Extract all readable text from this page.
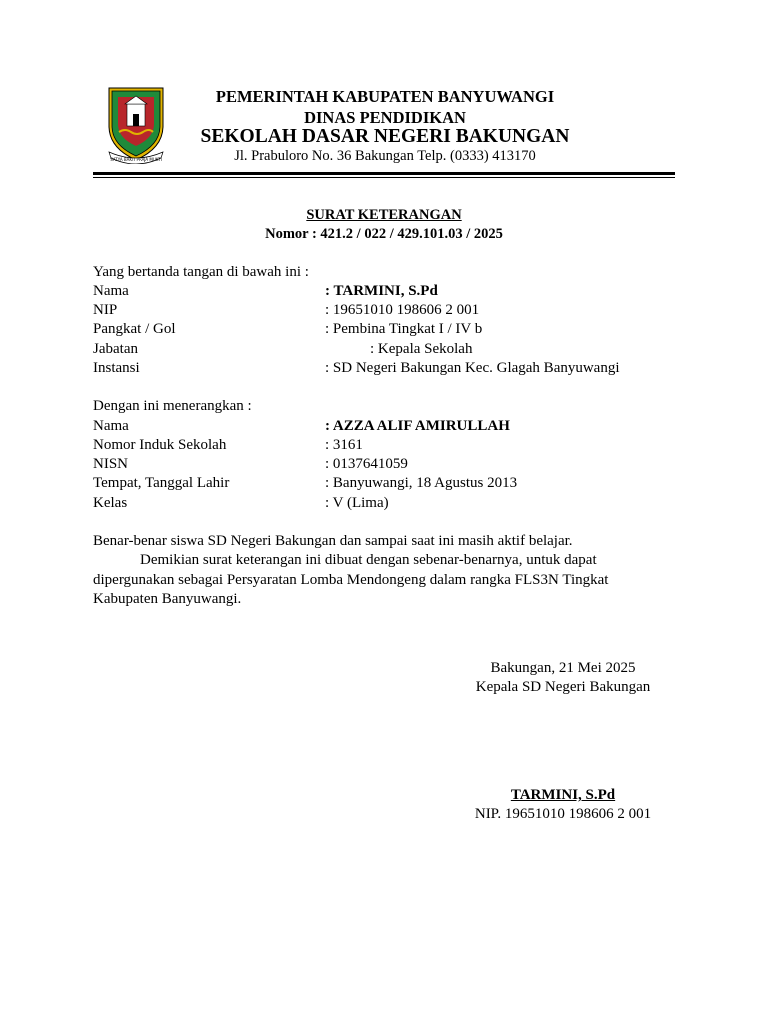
SATYA BAKTI PRAJA MUKTI
PEMERINTAH KABUPATEN BANYUWANGI
DINAS PENDIDIKAN
SEKOLAH DASAR NEGERI BAKUNGAN
Jl. Prabuloro No. 36 Bakungan Telp. (0333) 413170
SURAT KETERANGAN
Nomor : 421.2 / 022 / 429.101.03 / 2025
Yang bertanda tangan di bawah ini :
Nama	: TARMINI, S.Pd
NIP	: 19651010 198606 2 001
Pangkat / Gol	: Pembina Tingkat I / IV b
Jabatan	: Kepala Sekolah
Instansi	: SD Negeri Bakungan Kec. Glagah Banyuwangi
Dengan ini menerangkan :
Nama	: AZZA ALIF AMIRULLAH
Nomor Induk Sekolah	: 3161
NISN	: 0137641059
Tempat, Tanggal Lahir	: Banyuwangi, 18 Agustus 2013
Kelas	: V (Lima)
Benar-benar siswa SD Negeri Bakungan dan sampai saat ini masih aktif belajar.
Demikian surat keterangan ini dibuat dengan sebenar-benarnya, untuk dapat
dipergunakan sebagai Persyaratan Lomba Mendongeng dalam rangka FLS3N Tingkat
Kabupaten Banyuwangi.
Bakungan, 21 Mei 2025
Kepala SD Negeri Bakungan
TARMINI, S.Pd
NIP. 19651010 198606 2 001
